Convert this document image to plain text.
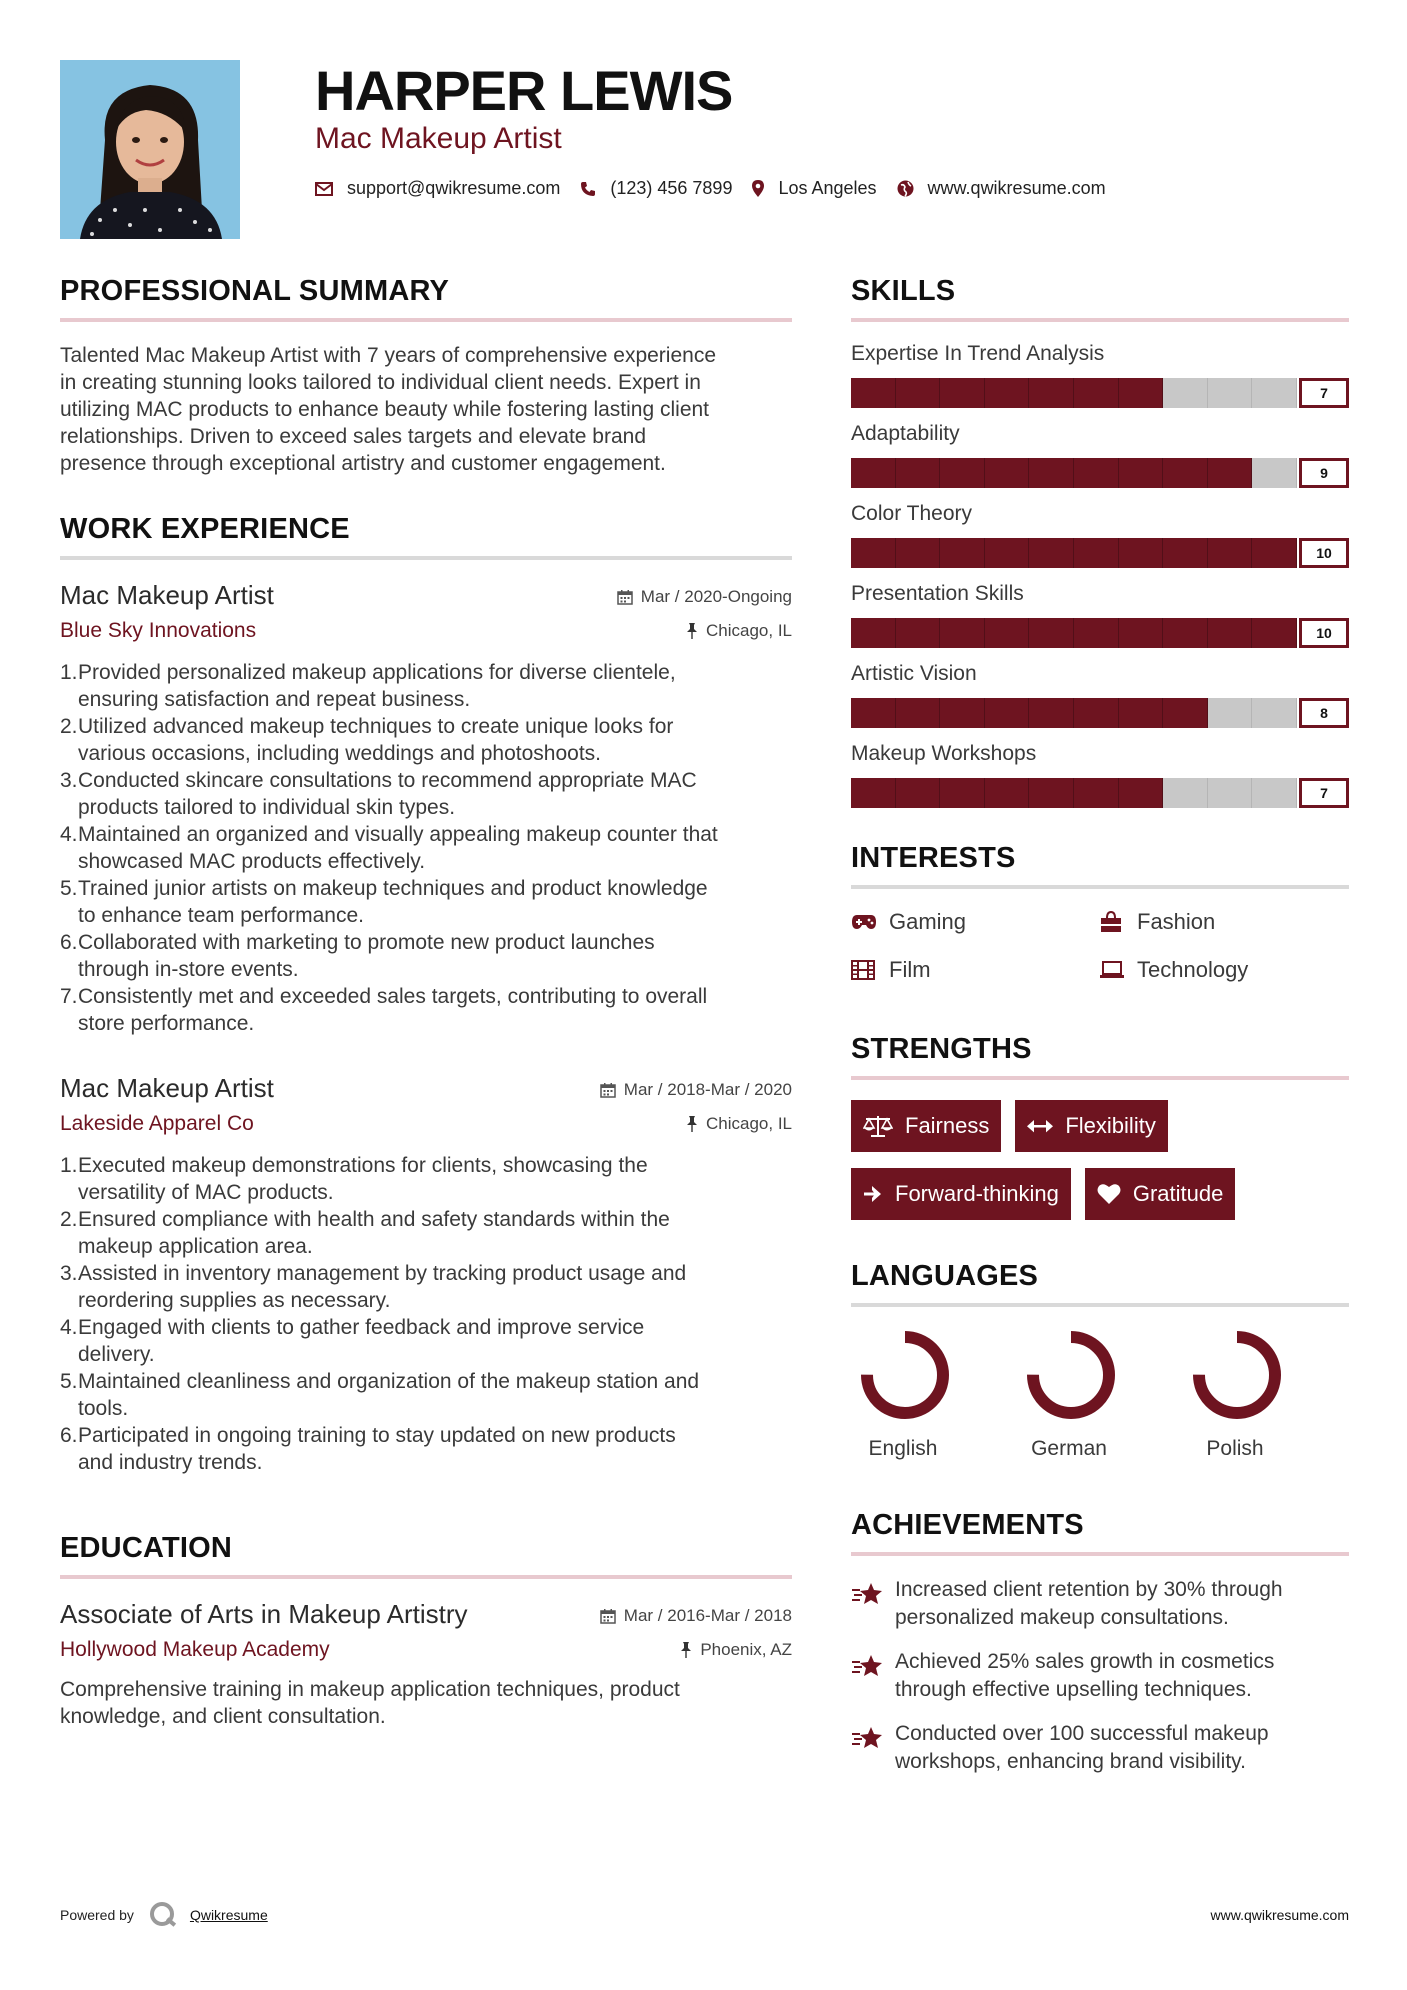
HARPER LEWIS
Mac Makeup Artist
support@qwikresume.com	(123) 456 7899	Los Angeles	www.qwikresume.com
PROFESSIONAL SUMMARY
Talented Mac Makeup Artist with 7 years of comprehensive experience
in creating stunning looks tailored to individual client needs. Expert in
utilizing MAC products to enhance beauty while fostering lasting client
relationships. Driven to exceed sales targets and elevate brand
presence through exceptional artistry and customer engagement.
WORK EXPERIENCE
Mac Makeup Artist
Blue Sky Innovations
Mar / 2020-Ongoing
Chicago, IL
1. Provided personalized makeup applications for diverse clientele,
ensuring satisfaction and repeat business.
2. Utilized advanced makeup techniques to create unique looks for
various occasions, including weddings and photoshoots.
3. Conducted skincare consultations to recommend appropriate MAC
products tailored to individual skin types.
4. Maintained an organized and visually appealing makeup counter that
showcased MAC products effectively.
5. Trained junior artists on makeup techniques and product knowledge
to enhance team performance.
6. Collaborated with marketing to promote new product launches
through in-store events.
7. Consistently met and exceeded sales targets, contributing to overall
store performance.
Mac Makeup Artist
Lakeside Apparel Co
Mar / 2018-Mar / 2020
Chicago, IL
1. Executed makeup demonstrations for clients, showcasing the
versatility of MAC products.
2. Ensured compliance with health and safety standards within the
makeup application area.
3. Assisted in inventory management by tracking product usage and
reordering supplies as necessary.
4. Engaged with clients to gather feedback and improve service
delivery.
5. Maintained cleanliness and organization of the makeup station and
tools.
6. Participated in ongoing training to stay updated on new products
and industry trends.
EDUCATION
Associate of Arts in Makeup Artistry
Hollywood Makeup Academy
Mar / 2016-Mar / 2018
Phoenix, AZ
Comprehensive training in makeup application techniques, product
knowledge, and client consultation.
SKILLS
Expertise In Trend Analysis
7
Adaptability
9
Color Theory
10
Presentation Skills
10
Artistic Vision
8
Makeup Workshops
7
INTERESTS
Gaming	Fashion
Film	Technology
STRENGTHS
Fairness	Flexibility
Forward-thinking	Gratitude
LANGUAGES
English	German	Polish
ACHIEVEMENTS
Increased client retention by 30% through
personalized makeup consultations.
Achieved 25% sales growth in cosmetics
through effective upselling techniques.
Conducted over 100 successful makeup
workshops, enhancing brand visibility.
Powered by	Qwikresume	www.qwikresume.com
